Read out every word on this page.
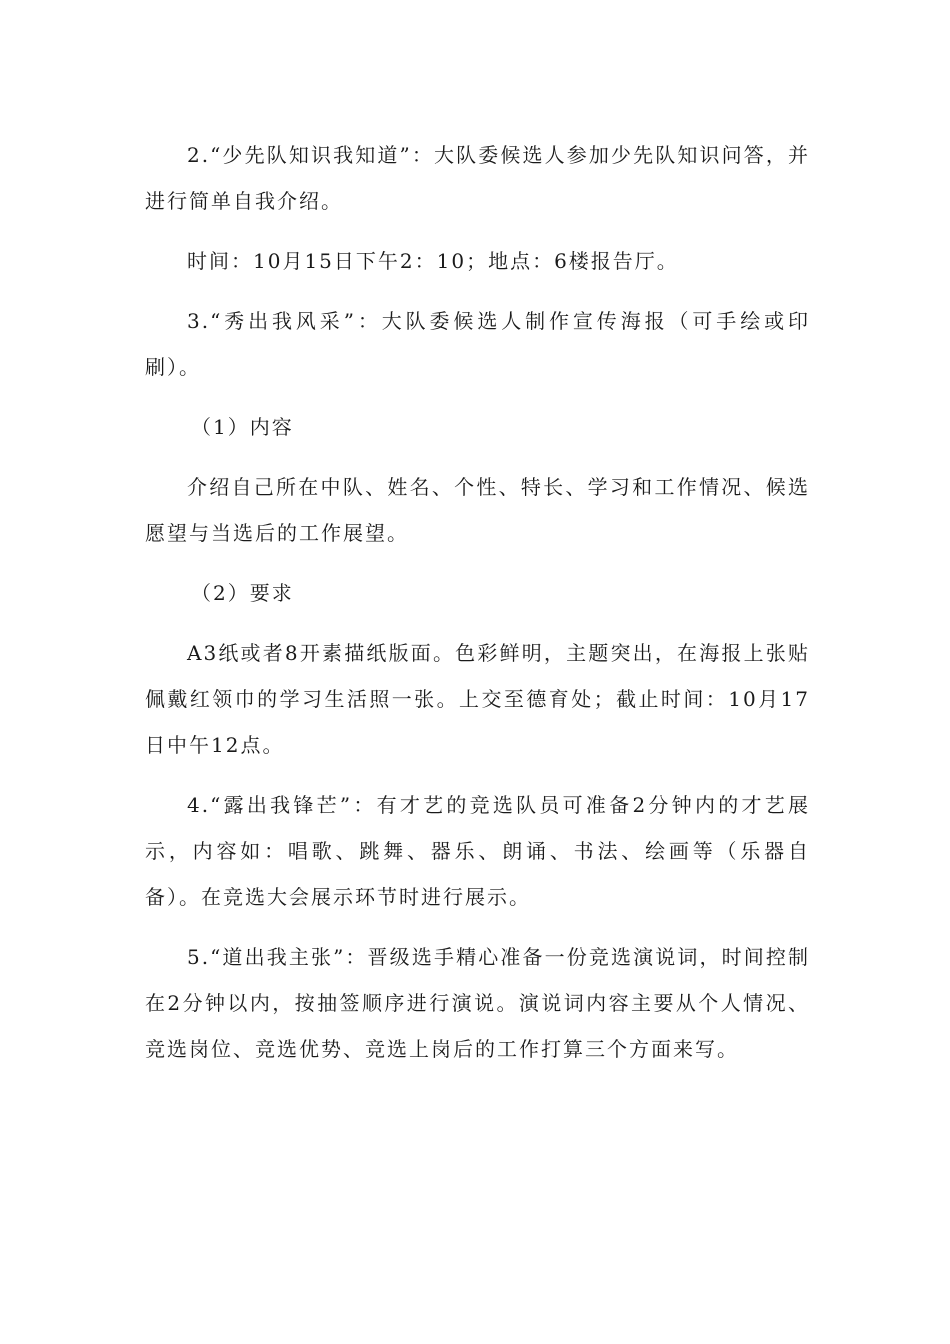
2.“少先队知识我知道”：大队委候选人参加少先队知识问答，并进行简单自我介绍。

时间：10月15日下午2：10；地点：6楼报告厅。

3.“秀出我风采”：大队委候选人制作宣传海报（可手绘或印刷）。

（1）内容

介绍自己所在中队、姓名、个性、特长、学习和工作情况、候选愿望与当选后的工作展望。

（2）要求

A3纸或者8开素描纸版面。色彩鲜明，主题突出，在海报上张贴佩戴红领巾的学习生活照一张。上交至德育处；截止时间：10月17日中午12点。

4.“露出我锋芒”：有才艺的竞选队员可准备2分钟内的才艺展示，内容如：唱歌、跳舞、器乐、朗诵、书法、绘画等（乐器自备）。在竞选大会展示环节时进行展示。

5.“道出我主张”：晋级选手精心准备一份竞选演说词，时间控制在2分钟以内，按抽签顺序进行演说。演说词内容主要从个人情况、竞选岗位、竞选优势、竞选上岗后的工作打算三个方面来写。
